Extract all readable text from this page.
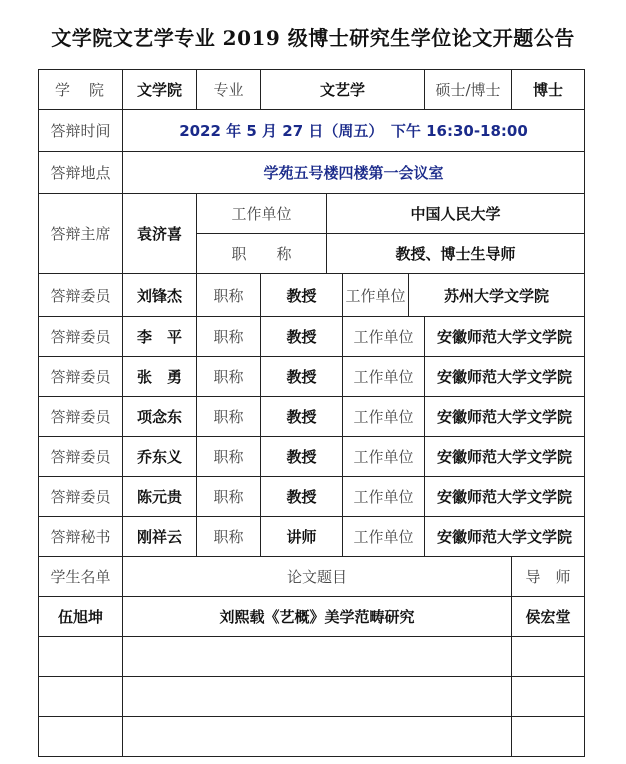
文学院文艺学专业 2019 级博士研究生学位论文开题公告
学　院	文学院	专业	文艺学				硕士/博士	博士
答辩时间	2022 年 5 月 27 日（周五）　下午 16:30-18:00							
答辩地点	学苑五号楼四楼第一会议室							
答辩主席	袁济喜	工作单位		中国人民大学				
		职　　称		教授、博士生导师				
答辩委员	刘锋杰	职称	教授		工作单位	苏州大学文学院		
答辩委员	李　平	职称	教授		工作单位		安徽师范大学文学院	
答辩委员	张　勇	职称	教授		工作单位		安徽师范大学文学院	
答辩委员	项念东	职称	教授		工作单位		安徽师范大学文学院	
答辩委员	乔东义	职称	教授		工作单位		安徽师范大学文学院	
答辩委员	陈元贵	职称	教授		工作单位		安徽师范大学文学院	
答辩秘书	刚祥云	职称	讲师		工作单位		安徽师范大学文学院	
学生名单	论文题目							导　师
伍旭坤	刘熙载《艺概》美学范畴研究							侯宏堂
